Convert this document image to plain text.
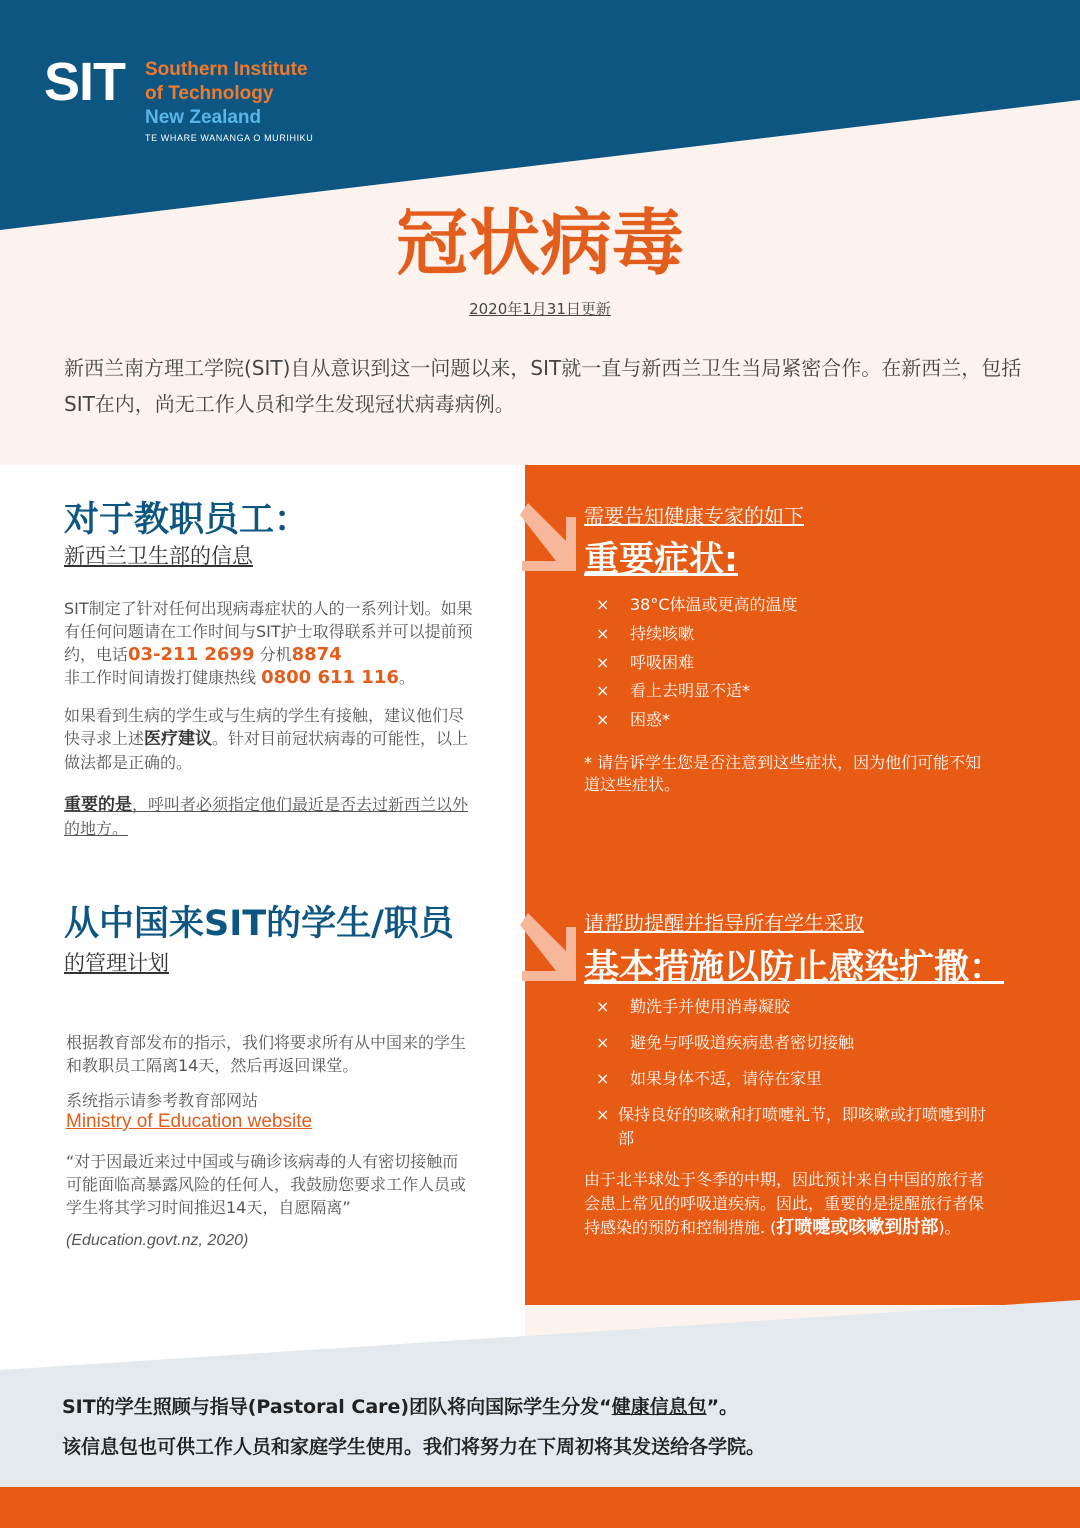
SIT Southern Institute
of Technology
New Zealand
TE WHARE WANANGA O MURIHIKU
冠状病毒
2020年1月31日更新
新西兰南方理工学院(SIT)自从意识到这一问题以来，SIT就一直与新西兰卫生当局紧密合作。在新西兰，包括SIT在内，尚无工作人员和学生发现冠状病毒病例。
对于教职员工：
新西兰卫生部的信息
SIT制定了针对任何出现病毒症状的人的一系列计划。如果有任何问题请在工作时间与SIT护士取得联系并可以提前预约，电话03-211 2699 分机8874
非工作时间请拨打健康热线 0800 611 116。
如果看到生病的学生或与生病的学生有接触，建议他们尽快寻求上述医疗建议。针对目前冠状病毒的可能性，以上做法都是正确的。
重要的是，呼叫者必须指定他们最近是否去过新西兰以外的地方。
从中国来SIT的学生/职员
的管理计划
根据教育部发布的指示，我们将要求所有从中国来的学生和教职员工隔离14天，然后再返回课堂。
系统指示请参考教育部网站
Ministry of Education website
“对于因最近来过中国或与确诊该病毒的人有密切接触而可能面临高暴露风险的任何人，我鼓励您要求工作人员或学生将其学习时间推迟14天，自愿隔离”
(Education.govt.nz, 2020)
需要告知健康专家的如下
重要症状:
× 38°C体温或更高的温度
× 持续咳嗽
× 呼吸困难
× 看上去明显不适*
× 困惑*
* 请告诉学生您是否注意到这些症状，因为他们可能不知道这些症状。
请帮助提醒并指导所有学生采取
基本措施以防止感染扩撒：
× 勤洗手并使用消毒凝胶
× 避免与呼吸道疾病患者密切接触
× 如果身体不适，请待在家里
× 保持良好的咳嗽和打喷嚏礼节，即咳嗽或打喷嚏到肘部
由于北半球处于冬季的中期，因此预计来自中国的旅行者会患上常见的呼吸道疾病。因此，重要的是提醒旅行者保持感染的预防和控制措施. (打喷嚏或咳嗽到肘部)。
SIT的学生照顾与指导(Pastoral Care)团队将向国际学生分发“健康信息包”。
该信息包也可供工作人员和家庭学生使用。我们将努力在下周初将其发送给各学院。
